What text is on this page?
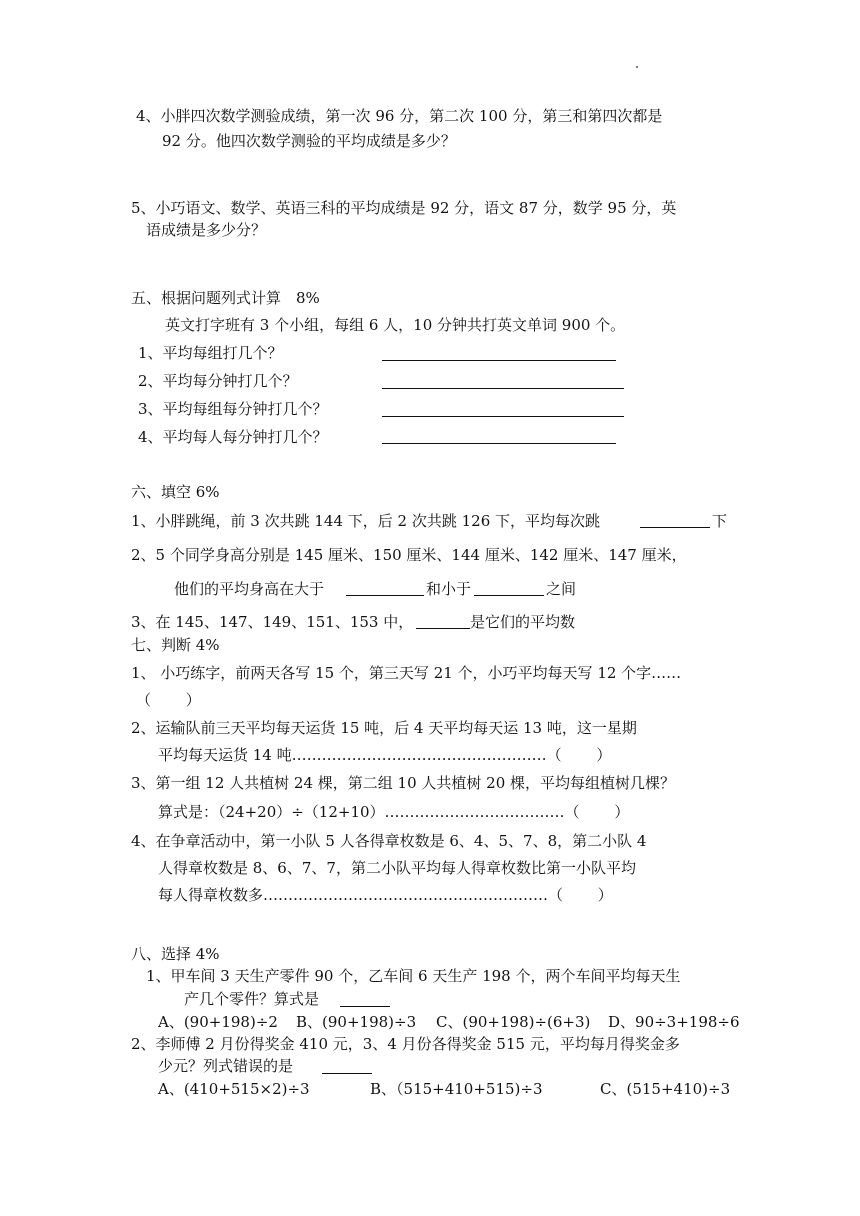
4、小胖四次数学测验成绩，第一次 96 分，第二次 100 分，第三和第四次都是
92 分。他四次数学测验的平均成绩是多少？
5、小巧语文、数学、英语三科的平均成绩是 92 分，语文 87 分，数学 95 分，英
语成绩是多少分？
五、根据问题列式计算　8%
英文打字班有 3 个小组，每组 6 人，10 分钟共打英文单词 900 个。
1、平均每组打几个？
2、平均每分钟打几个？
3、平均每组每分钟打几个？
4、平均每人每分钟打几个？
六、填空 6%
1、小胖跳绳，前 3 次共跳 144 下，后 2 次共跳 126 下，平均每次跳	下
2、5 个同学身高分别是 145 厘米、150 厘米、144 厘米、142 厘米、147 厘米，
他们的平均身高在大于	和小于	之间
3、在 145、147、149、151、153 中，	是它们的平均数
七、判断 4%
1、 小巧练字，前两天各写 15 个，第三天写 21 个，小巧平均每天写 12 个字……
（　　 ）
2、运输队前三天平均每天运货 15 吨，后 4 天平均每天运 13 吨，这一星期
平均每天运货 14 吨……………………………………………（　　 ）
3、第一组 12 人共植树 24 棵，第二组 10 人共植树 20 棵，平均每组植树几棵？
算式是：（24+20）÷（12+10）………………………………（　　 ）
4、在争章活动中，第一小队 5 人各得章枚数是 6、4、5、7、8，第二小队 4
人得章枚数是 8、6、7、7，第二小队平均每人得章枚数比第一小队平均
每人得章枚数多…………………………………………………（　　 ）
八、选择 4%
1、甲车间 3 天生产零件 90 个，乙车间 6 天生产 198 个，两个车间平均每天生
产几个零件？算式是
A、(90+198)÷2 B、(90+198)÷3 C、(90+198)÷(6+3) D、90÷3+198÷6
2、李师傅 2 月份得奖金 410 元，3、4 月份各得奖金 515 元，平均每月得奖金多
少元？列式错误的是
A、(410+515×2)÷3	B、（515+410+515)÷3	C、(515+410)÷3
